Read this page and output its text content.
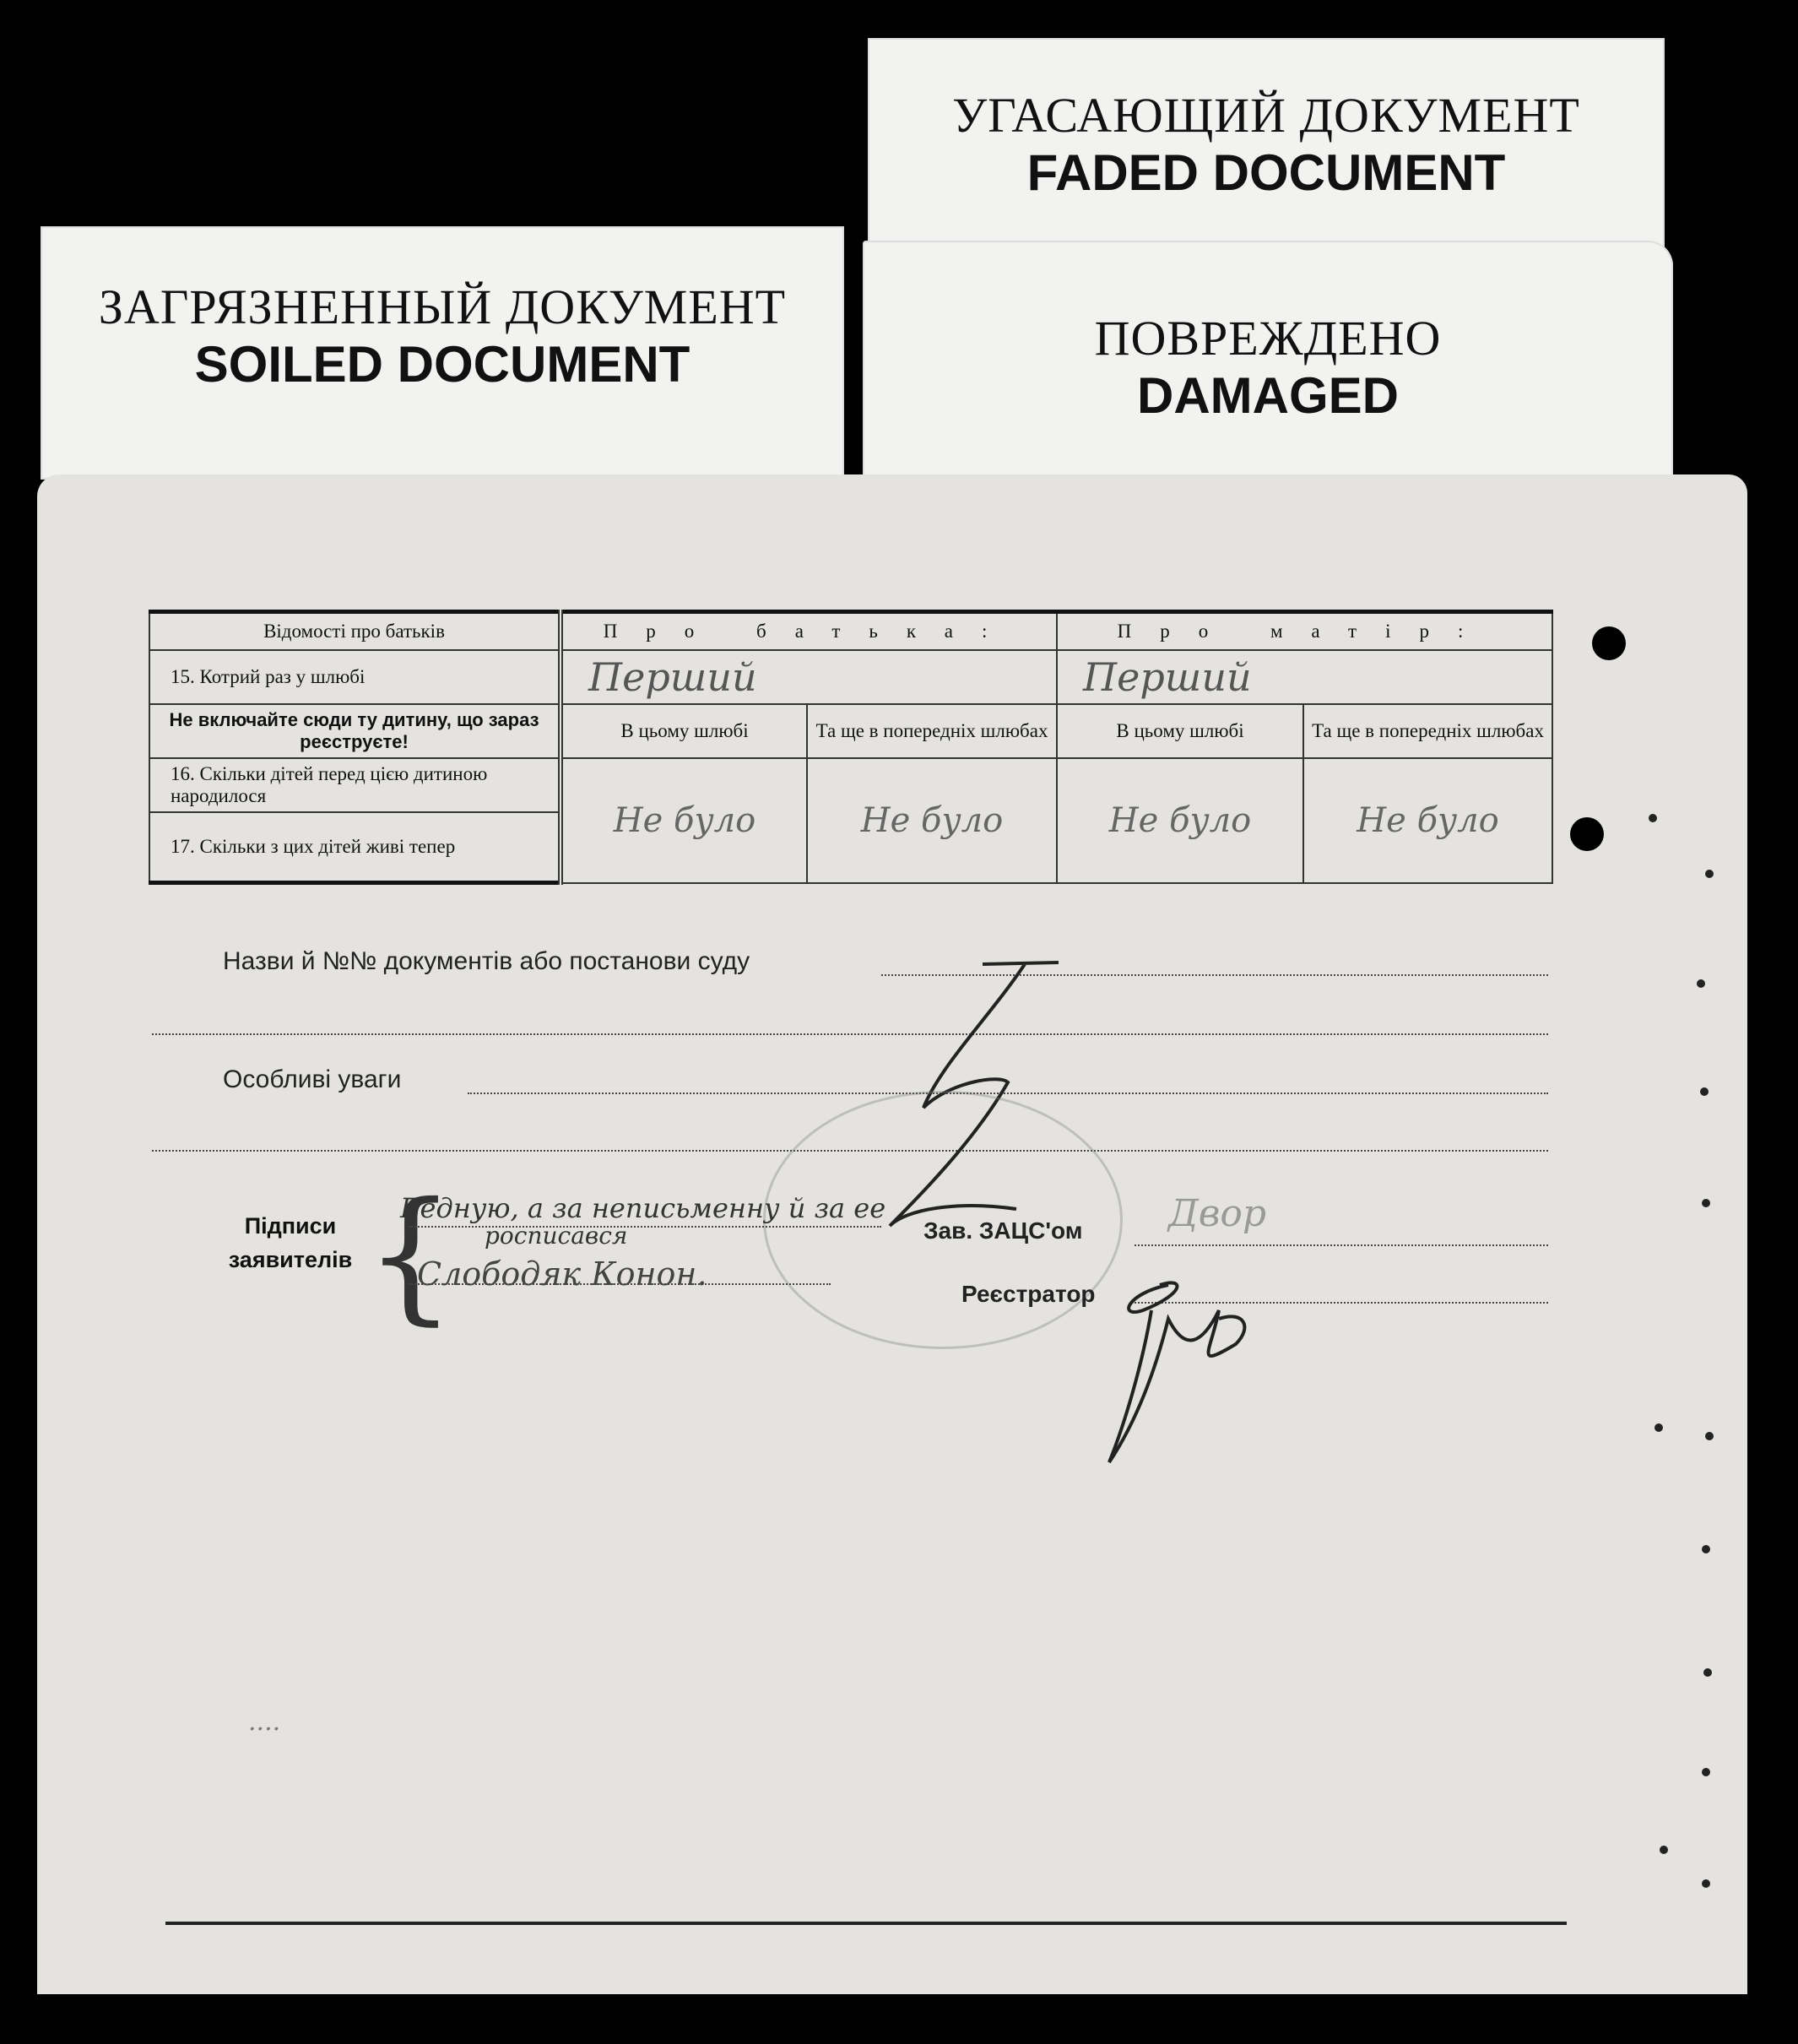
УГАСАЮЩИЙ ДОКУМЕНТ
FADED DOCUMENT
ЗАГРЯЗНЕННЫЙ ДОКУМЕНТ
SOILED DOCUMENT	ПОВРЕЖДЕНО
DAMAGED
Відомості про батьків	Про батька:		Про матір:	
15. Котрий раз у шлюбі	Перший		Перший	
Не включайте сюди ту дитину, що зараз реєструєте!	В цьому шлюбі	Та ще в попередніх шлюбах	В цьому шлюбі	Та ще в попередніх шлюбах
16. Скільки дітей перед цією дитиною народилося	Не було	Не було	Не було	Не було
17. Скільки з цих дітей живі тепер				
Назви й №№ документів або постанови суду
Особливі уваги
Підписи
заявителів {
Бедную, а за неписьменну й за ее
росписався
Слободяк Конон.
Зав. ЗАЦС'ом Двор
Реєстратор
....
